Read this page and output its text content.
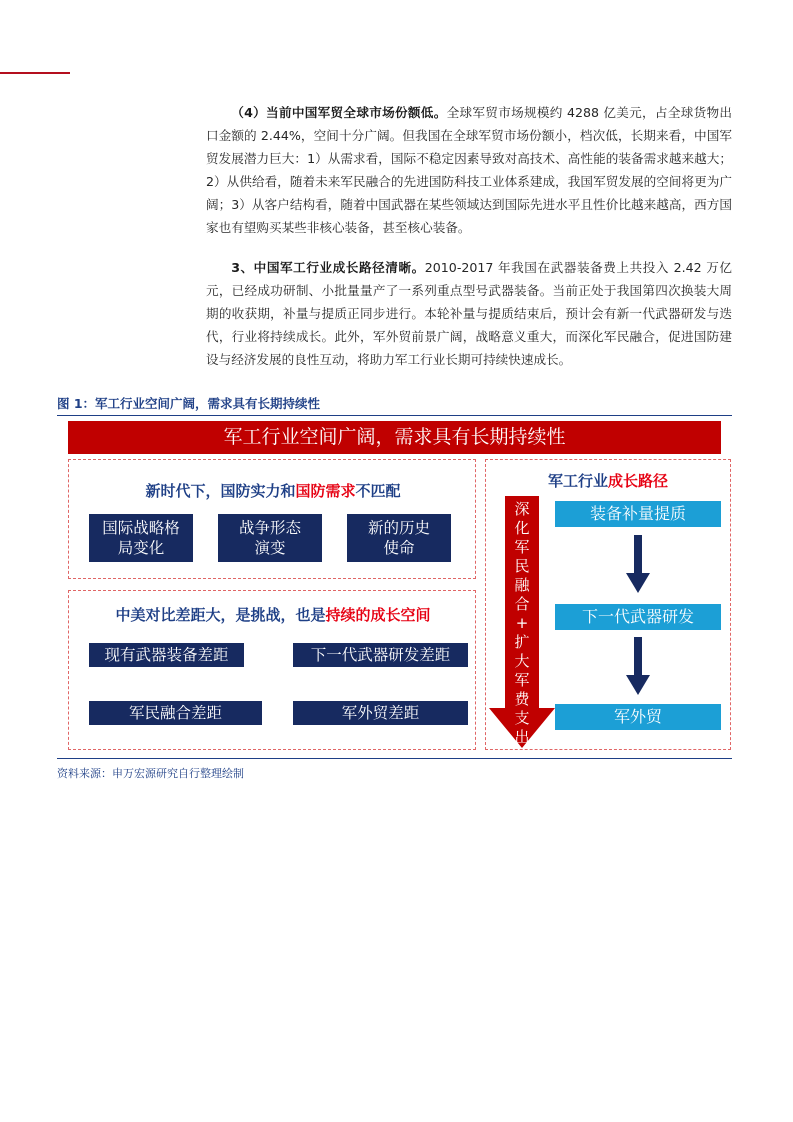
（4）当前中国军贸全球市场份额低。全球军贸市场规模约 4288 亿美元，占全球货物出口金额的 2.44%，空间十分广阔。但我国在全球军贸市场份额小，档次低，长期来看，中国军贸发展潜力巨大：1）从需求看，国际不稳定因素导致对高技术、高性能的装备需求越来越大；2）从供给看，随着未来军民融合的先进国防科技工业体系建成，我国军贸发展的空间将更为广阔；3）从客户结构看，随着中国武器在某些领域达到国际先进水平且性价比越来越高，西方国家也有望购买某些非核心装备，甚至核心装备。

3、中国军工行业成长路径清晰。2010-2017 年我国在武器装备费上共投入 2.42 万亿元，已经成功研制、小批量量产了一系列重点型号武器装备。当前正处于我国第四次换装大周期的收获期，补量与提质正同步进行。本轮补量与提质结束后，预计会有新一代武器研发与迭代，行业将持续成长。此外，军外贸前景广阔，战略意义重大，而深化军民融合，促进国防建设与经济发展的良性互动，将助力军工行业长期可持续快速成长。

图 1：军工行业空间广阔，需求具有长期持续性
军工行业空间广阔，需求具有长期持续性
新时代下，国防实力和国防需求不匹配
国际战略格
局变化
战争形态
演变
新的历史
使命
中美对比差距大，是挑战，也是持续的成长空间
现有武器装备差距	下一代武器研发差距
军民融合差距	军外贸差距
军工行业成长路径
深
化
军
民
融
合
+
扩
大
军
费
支
出
装备补量提质
下一代武器研发
军外贸
资料来源：申万宏源研究自行整理绘制
